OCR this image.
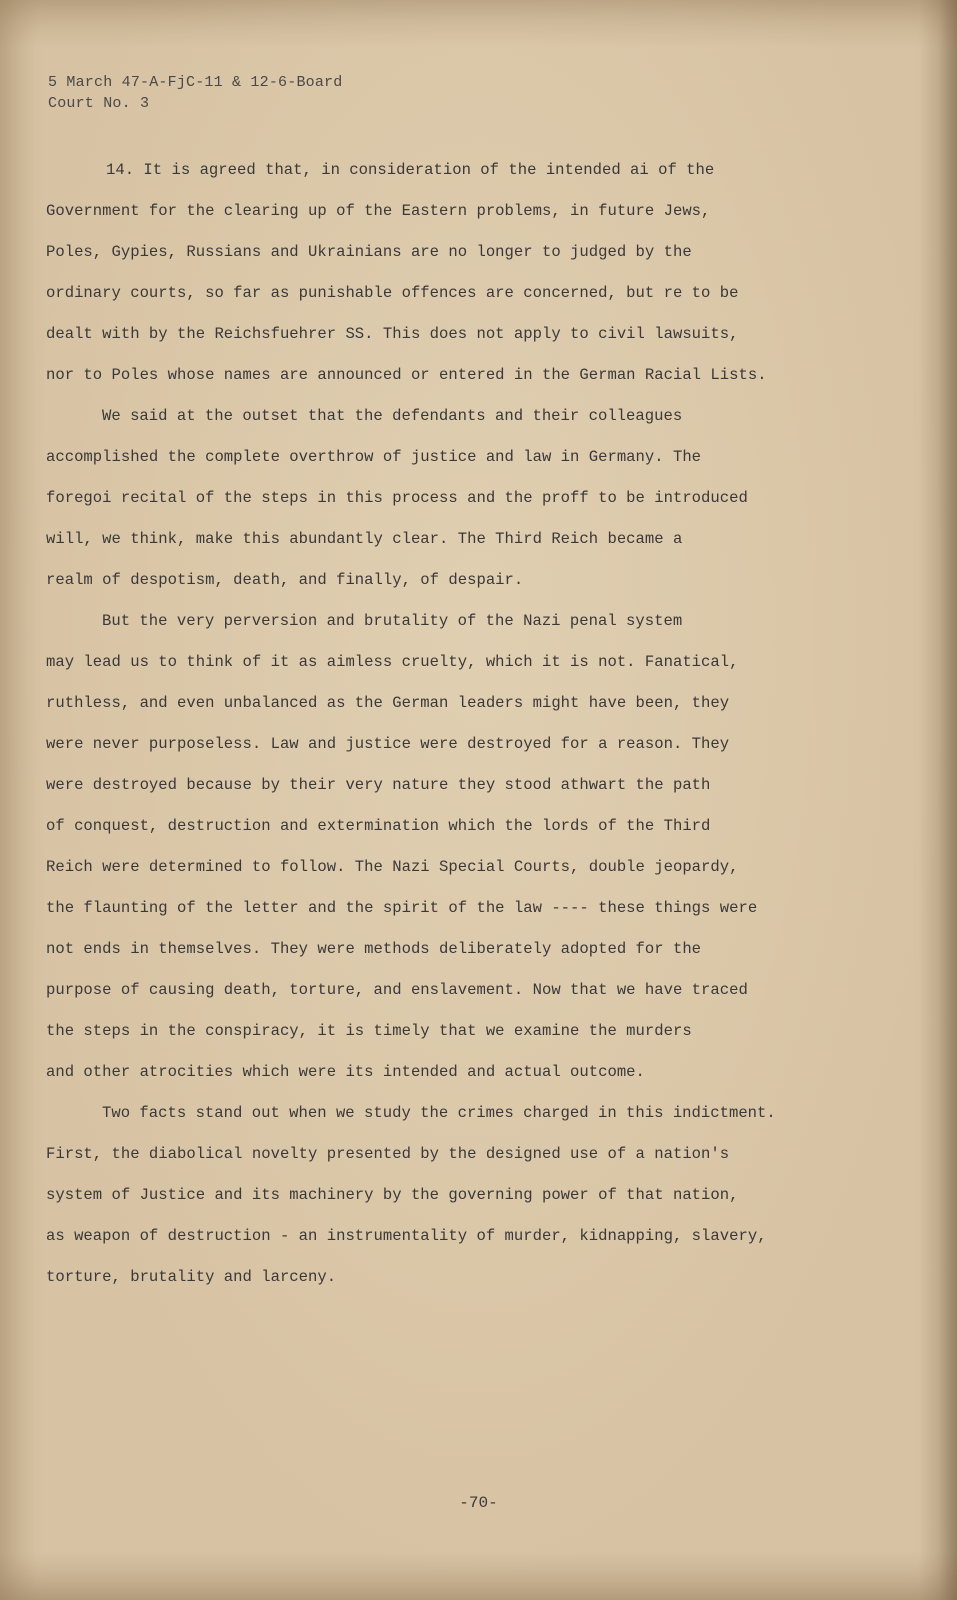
5 March 47-A-FjC-11 & 12-6-Board
Court No. 3
14. It is agreed that, in consideration of the intended ai of the
Government for the clearing up of the Eastern problems, in future Jews,
Poles, Gypies, Russians and Ukrainians are no longer to judged by the
ordinary courts, so far as punishable offences are concerned, but re to be
dealt with by the Reichsfuehrer SS. This does not apply to civil lawsuits,
nor to Poles whose names are announced or entered in the German Racial Lists.
We said at the outset that the defendants and their colleagues
accomplished the complete overthrow of justice and law in Germany. The
foregoi recital of the steps in this process and the proff to be introduced
will, we think, make this abundantly clear. The Third Reich became a
realm of despotism, death, and finally, of despair.
But the very perversion and brutality of the Nazi penal system
may lead us to think of it as aimless cruelty, which it is not. Fanatical,
ruthless, and even unbalanced as the German leaders might have been, they
were never purposeless. Law and justice were destroyed for a reason. They
were destroyed because by their very nature they stood athwart the path
of conquest, destruction and extermination which the lords of the Third
Reich were determined to follow. The Nazi Special Courts, double jeopardy,
the flaunting of the letter and the spirit of the law ---- these things were
not ends in themselves. They were methods deliberately adopted for the
purpose of causing death, torture, and enslavement. Now that we have traced
the steps in the conspiracy, it is timely that we examine the murders
and other atrocities which were its intended and actual outcome.
Two facts stand out when we study the crimes charged in this indictment.
First, the diabolical novelty presented by the designed use of a nation's
system of Justice and its machinery by the governing power of that nation,
as weapon of destruction - an instrumentality of murder, kidnapping, slavery,
torture, brutality and larceny.
-70-
